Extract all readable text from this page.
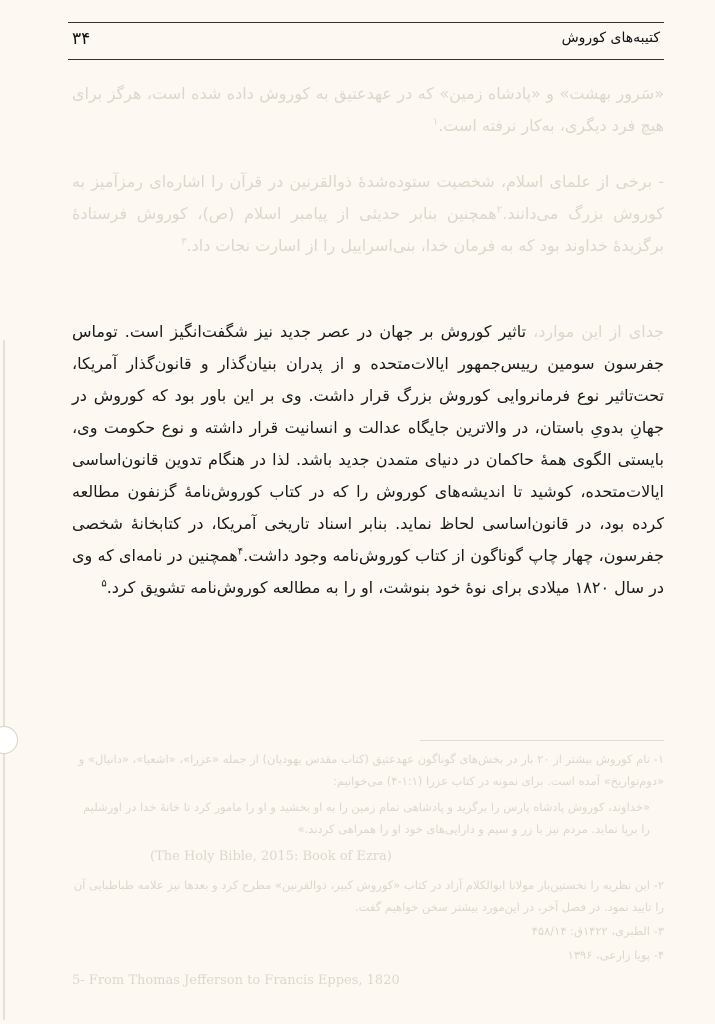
۳۴	کتیبه‌های کوروش

«سَرور بهشت» و «پادشاه زمین» که در عهدعتیق به کوروش داده شده است، هرگز برای هیچ فرد دیگری، به‌کار نرفته است.$^۱$

- برخی از علمای اسلام، شخصیت ستوده‌شدهٔ ذوالقرنین در قرآن را اشاره‌ای رمزآمیز به کوروش بزرگ می‌دانند.$^۲$همچنین بنابر حدیثی از پیامبر اسلام (ص)، کوروش فرستادهٔ برگزیدهٔ خداوند بود که به فرمان خدا، بنی‌اسراییل را از اسارت نجات داد.$^۳$

جدای از این موارد، تاثیر کوروش بر جهان در عصر جدید نیز شگفت‌انگیز است. توماس جفرسون سومین رییس‌جمهور ایالات‌متحده و از پدران بنیان‌گذار و قانون‌گذار آمریکا، تحت‌تاثیر نوع فرمانروایی کوروش بزرگ قرار داشت. وی بر این باور بود که کوروش در جهانِ بدویِ باستان، در والاترین جایگاه عدالت و انسانیت قرار داشته و نوع حکومت وی، بایستی الگوی همهٔ حاکمان در دنیای متمدن جدید باشد. لذا در هنگام تدوین قانون‌اساسی ایالات‌متحده، کوشید تا اندیشه‌های کوروش را که در کتاب کوروش‌نامهٔ گزنفون مطالعه کرده بود، در قانون‌اساسی لحاظ نماید. بنابر اسناد تاریخی آمریکا، در کتابخانهٔ شخصی جفرسون، چهار چاپ گوناگون از کتاب کوروش‌نامه وجود داشت.$^۴$همچنین در نامه‌ای که وی در سال ۱۸۲۰ میلادی برای نوهٔ خود بنوشت، او را به مطالعه کوروش‌نامه تشویق کرد.$^۵$

۱- نام کوروش بیشتر از ۲۰ بار در بخش‌های گوناگون عهدعتیق (کتاب مقدس یهودیان) از جمله «عزرا»، «اشعیا»، «دانیال» و «دوم‌تواریخ» آمده است. برای نمونه در کتاب عزرا (۱:۱-۴) می‌خوانیم:

«خداوند، کوروش پادشاه پارس را برگزید و پادشاهی تمام زمین را به او بخشید و او را مامور کرد تا خانهٔ خدا در اورشلیم را برپا نماید. مردم نیز با زر و سیم و دارایی‌های خود او را همراهی کردند.»

(The Holy Bible, 2015: Book of Ezra)

۲- این نظریه را نخستین‌بار مولانا ابوالکلام آزاد در کتاب «کوروش کبیر، ذوالقرنین» مطرح کرد و بعدها نیز علامه طباطبایی آن را تایید نمود. در فصل آخر، در این‌مورد بیشتر سخن خواهیم گفت.

۳- الطبری، ۱۴۲۲ق: ۴۵۸/۱۴

۴- پویا زارعی، ۱۳۹۶

5- From Thomas Jefferson to Francis Eppes, 1820
